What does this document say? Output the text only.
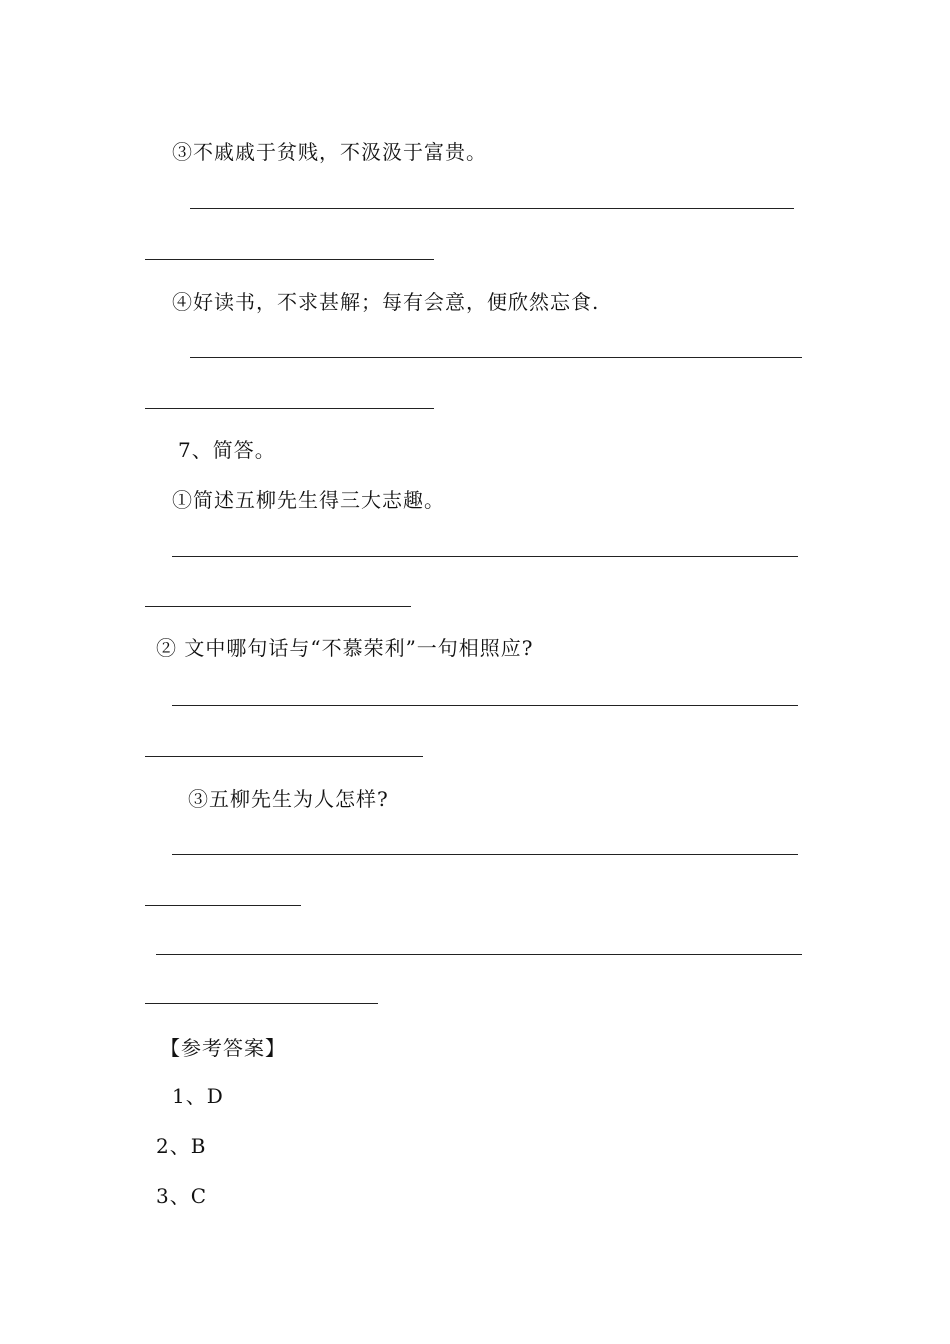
③不戚戚于贫贱，不汲汲于富贵。
④好读书，不求甚解；每有会意，便欣然忘食.
7、简答。
①简述五柳先生得三大志趣。
② 文中哪句话与“不慕荣利”一句相照应?
③五柳先生为人怎样?
【参考答案】
1、D
2、B
3、C
